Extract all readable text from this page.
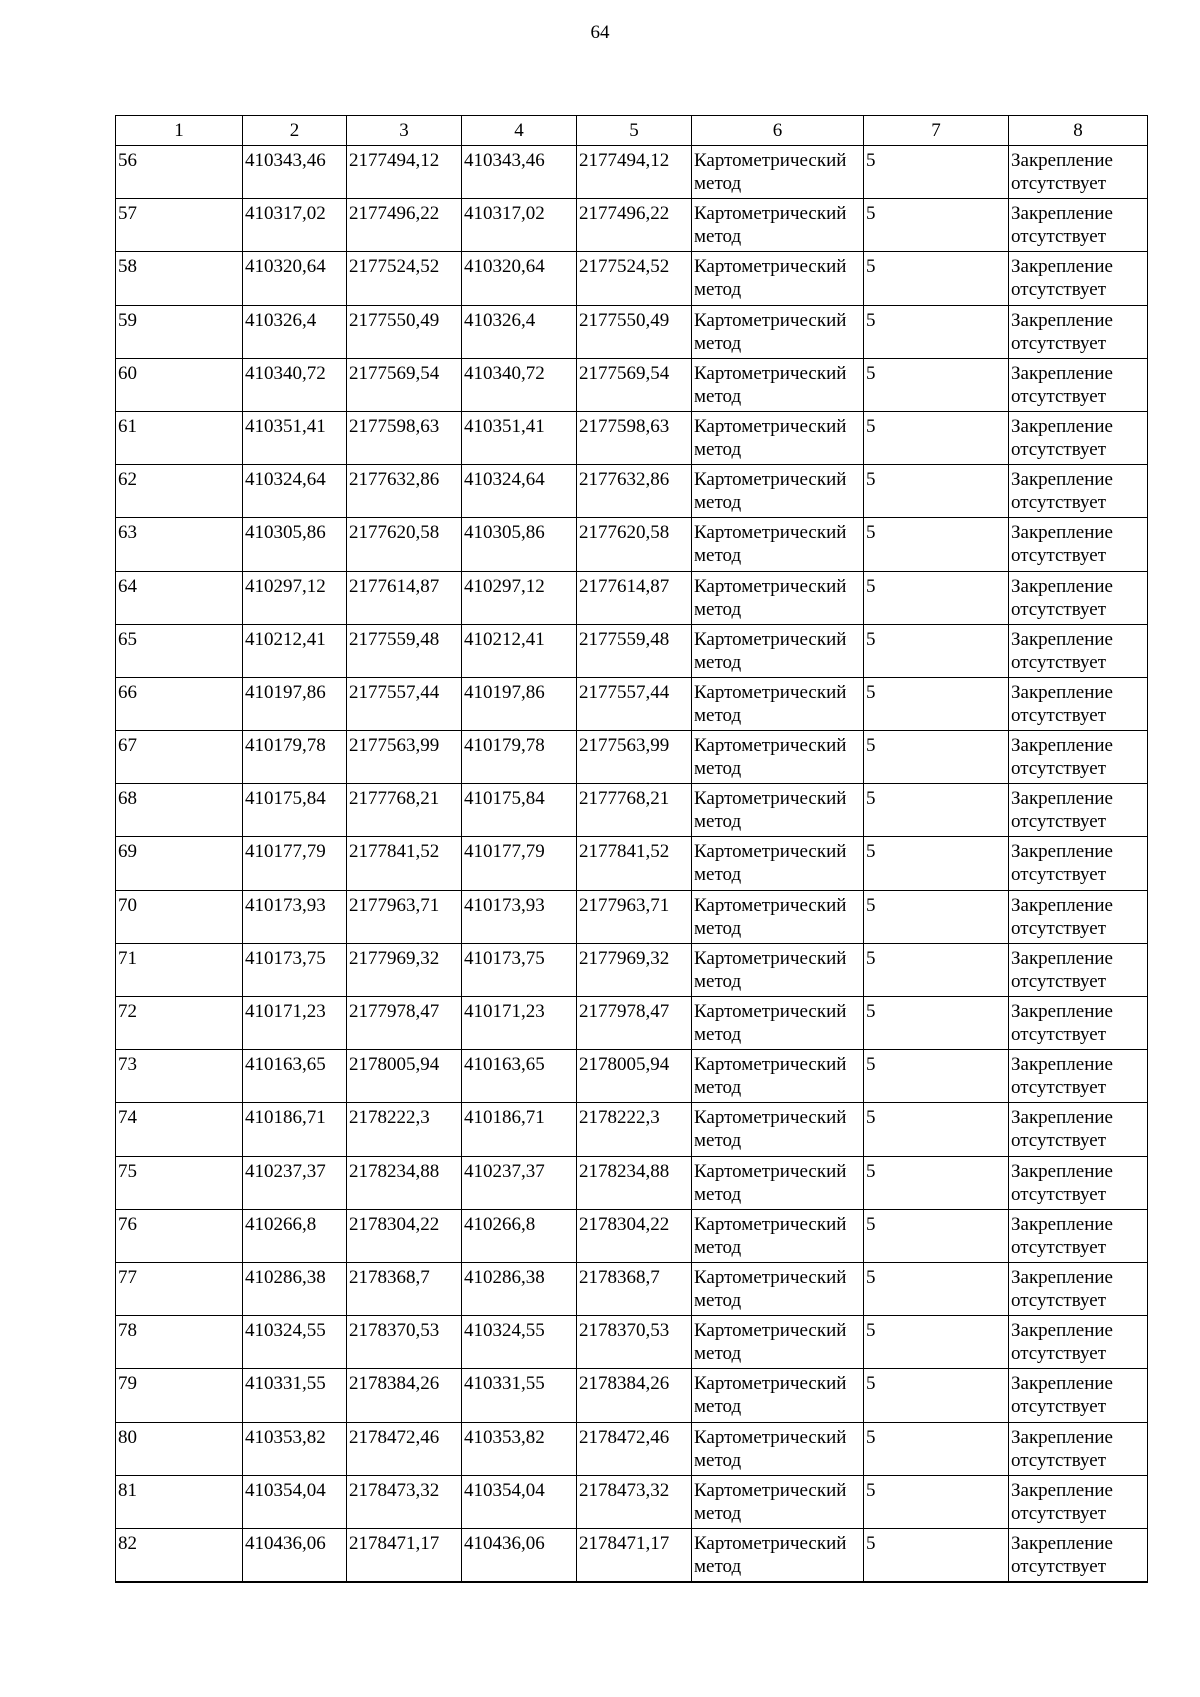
64
1	2	3	4	5	6	7	8
56	410343,46	2177494,12	410343,46	2177494,12	Картометрический метод	5	Закрепление отсутствует
57	410317,02	2177496,22	410317,02	2177496,22	Картометрический метод	5	Закрепление отсутствует
58	410320,64	2177524,52	410320,64	2177524,52	Картометрический метод	5	Закрепление отсутствует
59	410326,4	2177550,49	410326,4	2177550,49	Картометрический метод	5	Закрепление отсутствует
60	410340,72	2177569,54	410340,72	2177569,54	Картометрический метод	5	Закрепление отсутствует
61	410351,41	2177598,63	410351,41	2177598,63	Картометрический метод	5	Закрепление отсутствует
62	410324,64	2177632,86	410324,64	2177632,86	Картометрический метод	5	Закрепление отсутствует
63	410305,86	2177620,58	410305,86	2177620,58	Картометрический метод	5	Закрепление отсутствует
64	410297,12	2177614,87	410297,12	2177614,87	Картометрический метод	5	Закрепление отсутствует
65	410212,41	2177559,48	410212,41	2177559,48	Картометрический метод	5	Закрепление отсутствует
66	410197,86	2177557,44	410197,86	2177557,44	Картометрический метод	5	Закрепление отсутствует
67	410179,78	2177563,99	410179,78	2177563,99	Картометрический метод	5	Закрепление отсутствует
68	410175,84	2177768,21	410175,84	2177768,21	Картометрический метод	5	Закрепление отсутствует
69	410177,79	2177841,52	410177,79	2177841,52	Картометрический метод	5	Закрепление отсутствует
70	410173,93	2177963,71	410173,93	2177963,71	Картометрический метод	5	Закрепление отсутствует
71	410173,75	2177969,32	410173,75	2177969,32	Картометрический метод	5	Закрепление отсутствует
72	410171,23	2177978,47	410171,23	2177978,47	Картометрический метод	5	Закрепление отсутствует
73	410163,65	2178005,94	410163,65	2178005,94	Картометрический метод	5	Закрепление отсутствует
74	410186,71	2178222,3	410186,71	2178222,3	Картометрический метод	5	Закрепление отсутствует
75	410237,37	2178234,88	410237,37	2178234,88	Картометрический метод	5	Закрепление отсутствует
76	410266,8	2178304,22	410266,8	2178304,22	Картометрический метод	5	Закрепление отсутствует
77	410286,38	2178368,7	410286,38	2178368,7	Картометрический метод	5	Закрепление отсутствует
78	410324,55	2178370,53	410324,55	2178370,53	Картометрический метод	5	Закрепление отсутствует
79	410331,55	2178384,26	410331,55	2178384,26	Картометрический метод	5	Закрепление отсутствует
80	410353,82	2178472,46	410353,82	2178472,46	Картометрический метод	5	Закрепление отсутствует
81	410354,04	2178473,32	410354,04	2178473,32	Картометрический метод	5	Закрепление отсутствует
82	410436,06	2178471,17	410436,06	2178471,17	Картометрический метод	5	Закрепление отсутствует
